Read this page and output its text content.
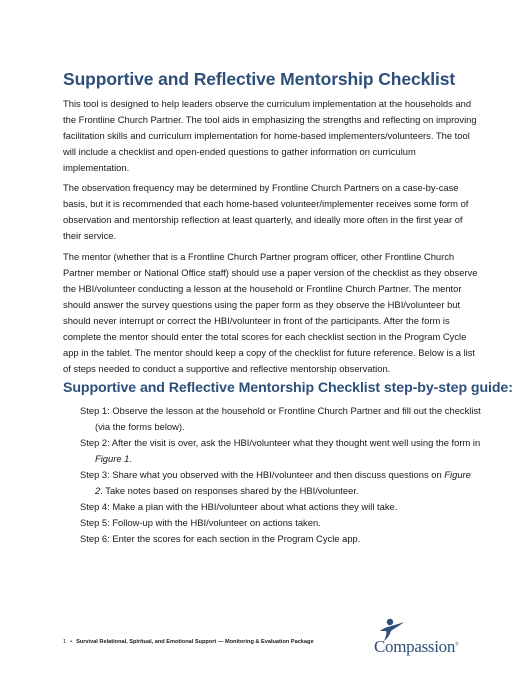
Supportive and Reflective Mentorship Checklist

This tool is designed to help leaders observe the curriculum implementation at the households and the Frontline Church Partner. The tool aids in emphasizing the strengths and reflecting on improving facilitation skills and curriculum implementation for home-based implementers/volunteers. The tool will include a checklist and open-ended questions to gather information on curriculum implementation.

The observation frequency may be determined by Frontline Church Partners on a case-by-case basis, but it is recommended that each home-based volunteer/implementer receives some form of observation and mentorship reflection at least quarterly, and ideally more often in the first year of their service.

The mentor (whether that is a Frontline Church Partner program officer, other Frontline Church Partner member or National Office staff) should use a paper version of the checklist as they observe the HBI/volunteer conducting a lesson at the household or Frontline Church Partner. The mentor should answer the survey questions using the paper form as they observe the HBI/volunteer but should never interrupt or correct the HBI/volunteer in front of the participants. After the form is complete the mentor should enter the total scores for each checklist section in the Program Cycle app in the tablet. The mentor should keep a copy of the checklist for future reference. Below is a list of steps needed to conduct a supportive and reflective mentorship observation.

Supportive and Reflective Mentorship Checklist step-by-step guide:
Step 1: Observe the lesson at the household or Frontline Church Partner and fill out the checklist
(via the forms below).
Step 2: After the visit is over, ask the HBI/volunteer what they thought went well using the form in
Figure 1.
Step 3: Share what you observed with the HBI/volunteer and then discuss questions on Figure
2. Take notes based on responses shared by the HBI/volunteer.
Step 4: Make a plan with the HBI/volunteer about what actions they will take.
Step 5: Follow-up with the HBI/volunteer on actions taken.
Step 6: Enter the scores for each section in the Program Cycle app.
1 • Survival Relational, Spiritual, and Emotional Support — Monitoring & Evaluation Package	Compassion®
